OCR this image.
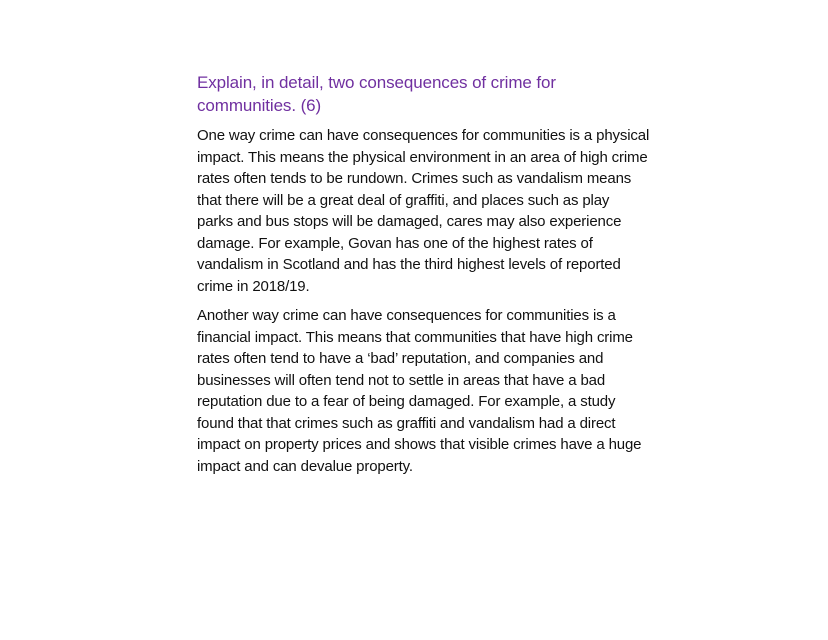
Explain, in detail, two consequences of crime for
communities. (6)

One way crime can have consequences for communities is a physical
impact. This means the physical environment in an area of high crime
rates often tends to be rundown. Crimes such as vandalism means
that there will be a great deal of graffiti, and places such as play
parks and bus stops will be damaged, cares may also experience
damage. For example, Govan has one of the highest rates of
vandalism in Scotland and has the third highest levels of reported
crime in 2018/19.

Another way crime can have consequences for communities is a
financial impact. This means that communities that have high crime
rates often tend to have a ‘bad’ reputation, and companies and
businesses will often tend not to settle in areas that have a bad
reputation due to a fear of being damaged. For example, a study
found that that crimes such as graffiti and vandalism had a direct
impact on property prices and shows that visible crimes have a huge
impact and can devalue property.
